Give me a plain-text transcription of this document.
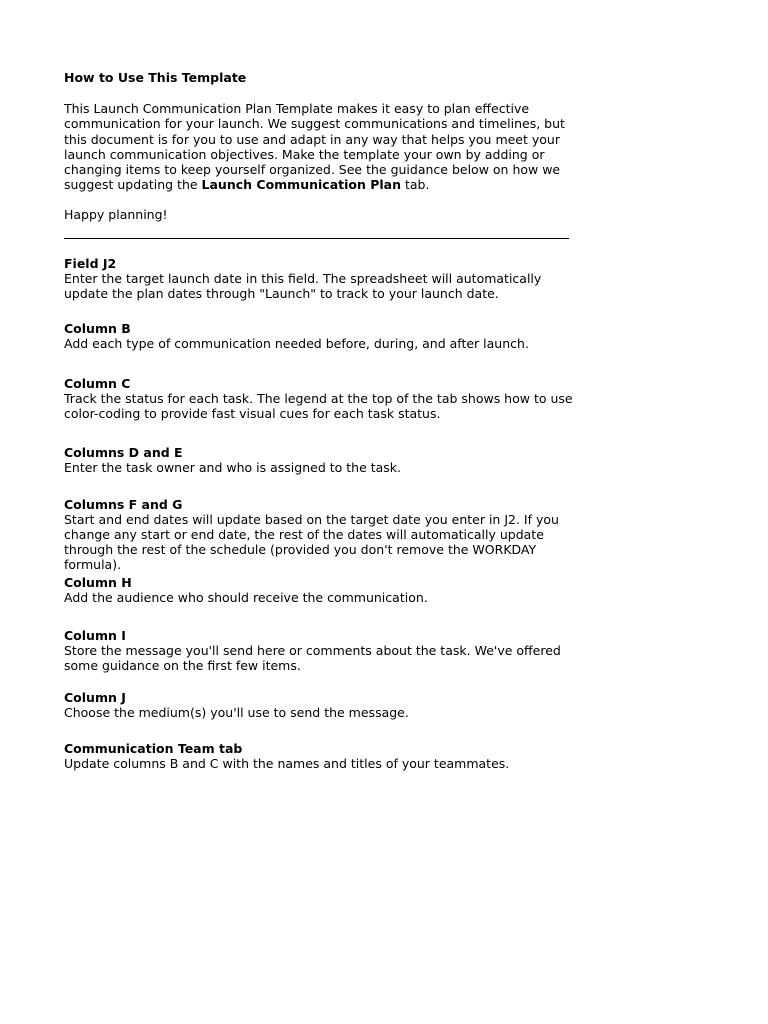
How to Use This Template

This Launch Communication Plan Template makes it easy to plan effective communication for your launch. We suggest communications and timelines, but this document is for you to use and adapt in any way that helps you meet your launch communication objectives. Make the template your own by adding or changing items to keep yourself organized. See the guidance below on how we suggest updating the Launch Communication Plan tab.

Happy planning!

Field J2
Enter the target launch date in this field. The spreadsheet will automatically update the plan dates through "Launch" to track to your launch date.
Column B
Add each type of communication needed before, during, and after launch.
Column C
Track the status for each task. The legend at the top of the tab shows how to use color-coding to provide fast visual cues for each task status.
Columns D and E
Enter the task owner and who is assigned to the task.
Columns F and G
Start and end dates will update based on the target date you enter in J2. If you change any start or end date, the rest of the dates will automatically update through the rest of the schedule (provided you don't remove the WORKDAY formula).
Column H
Add the audience who should receive the communication.
Column I
Store the message you'll send here or comments about the task. We've offered some guidance on the first few items.
Column J
Choose the medium(s) you'll use to send the message.
Communication Team tab
Update columns B and C with the names and titles of your teammates.
